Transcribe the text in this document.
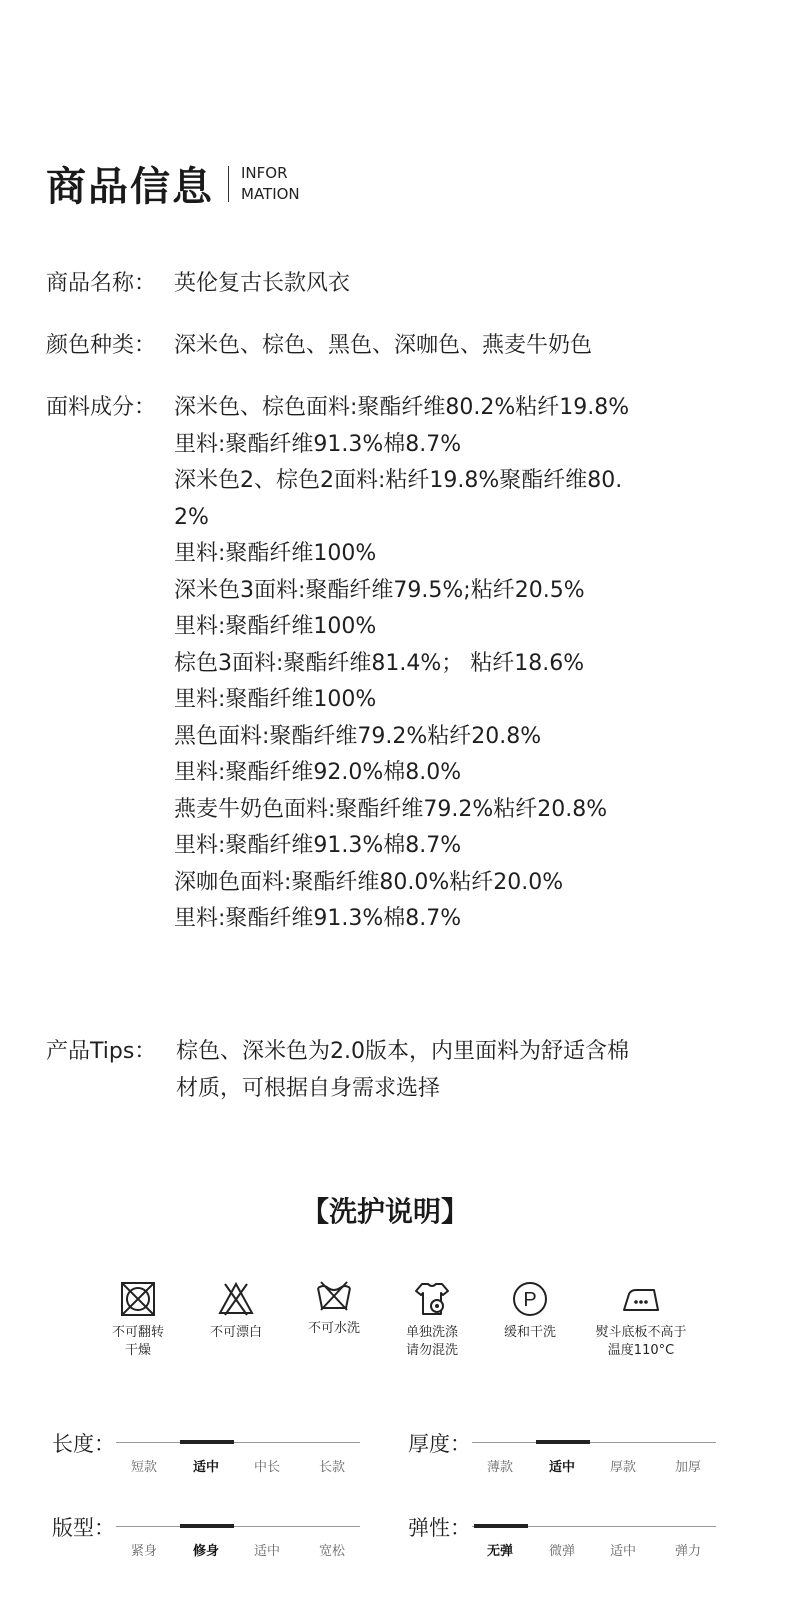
商品信息 INFOR
MATION
商品名称： 英伦复古长款风衣
颜色种类： 深米色、棕色、黑色、深咖色、燕麦牛奶色
面料成分： 深米色、棕色面料:聚酯纤维80.2%粘纤19.8%
里料:聚酯纤维91.3%棉8.7%
深米色2、棕色2面料:粘纤19.8%聚酯纤维80.
2%
里料:聚酯纤维100%
深米色3面料:聚酯纤维79.5%;粘纤20.5%
里料:聚酯纤维100%
棕色3面料:聚酯纤维81.4%； 粘纤18.6%
里料:聚酯纤维100%
黑色面料:聚酯纤维79.2%粘纤20.8%
里料:聚酯纤维92.0%棉8.0%
燕麦牛奶色面料:聚酯纤维79.2%粘纤20.8%
里料:聚酯纤维91.3%棉8.7%
深咖色面料:聚酯纤维80.0%粘纤20.0%
里料:聚酯纤维91.3%棉8.7%
产品Tips： 棕色、深米色为2.0版本，内里面料为舒适含棉
材质，可根据自身需求选择
【洗护说明】
不可翻转
干燥
不可漂白	不可水洗	单独洗涤
请勿混洗
P
缓和干洗	熨斗底板不高于
温度110°C
长度：
短款	适中	中长	长款
厚度：
薄款	适中	厚款	加厚
版型：
紧身	修身	适中	宽松
弹性：
无弹	微弹	适中	弹力
